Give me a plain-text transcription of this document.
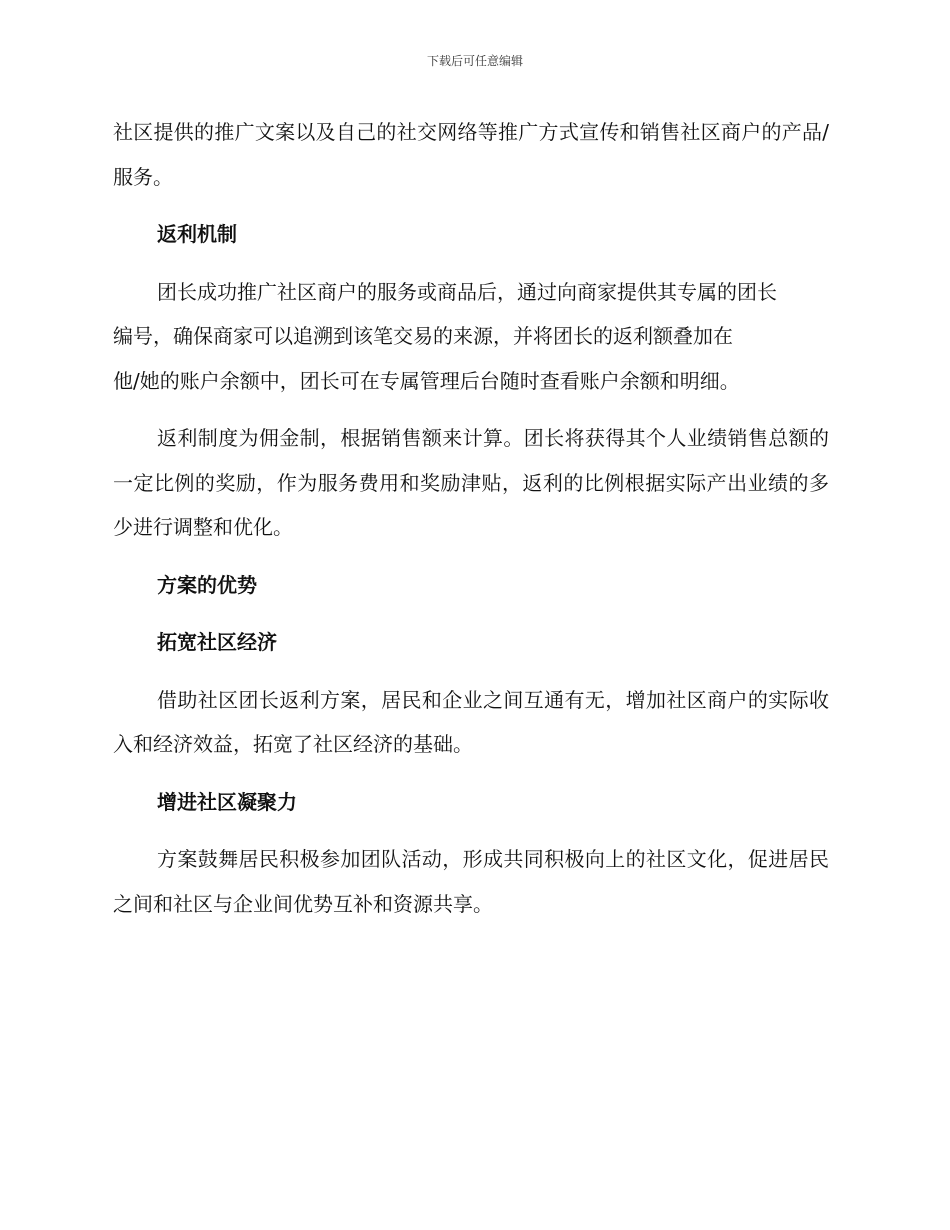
下载后可任意编辑

社区提供的推广文案以及自己的社交网络等推广方式宣传和销售社区商户的产品/服务。

返利机制

团长成功推广社区商户的服务或商品后，通过向商家提供其专属的团长
编号，确保商家可以追溯到该笔交易的来源，并将团长的返利额叠加在
他/她的账户余额中，团长可在专属管理后台随时查看账户余额和明细。

返利制度为佣金制，根据销售额来计算。团长将获得其个人业绩销售总额的一定比例的奖励，作为服务费用和奖励津贴，返利的比例根据实际产出业绩的多少进行调整和优化。

方案的优势
拓宽社区经济

借助社区团长返利方案，居民和企业之间互通有无，增加社区商户的实际收入和经济效益，拓宽了社区经济的基础。

增进社区凝聚力

方案鼓舞居民积极参加团队活动，形成共同积极向上的社区文化，促进居民之间和社区与企业间优势互补和资源共享。
